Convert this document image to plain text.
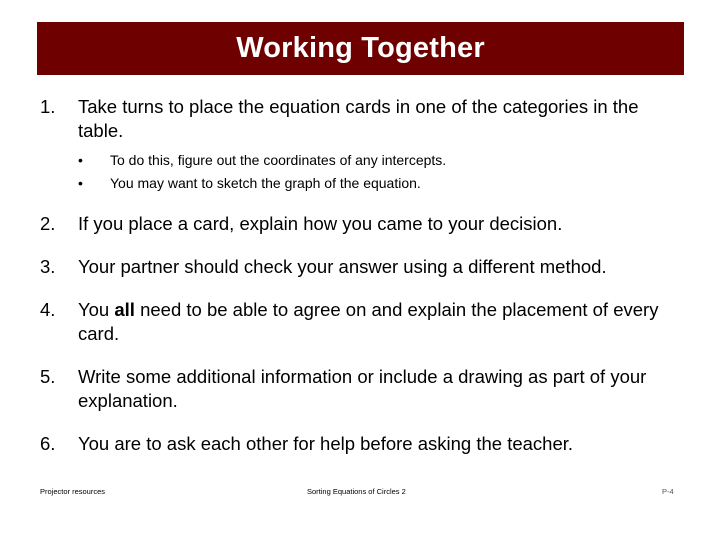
Working Together
1. Take turns to place the equation cards in one of the categories in the table.
• To do this, figure out the coordinates of any intercepts.
• You may want to sketch the graph of the equation.
2. If you place a card, explain how you came to your decision.
3. Your partner should check your answer using a different method.
4. You all need to be able to agree on and explain the placement of every card.
5. Write some additional information or include a drawing as part of your explanation.
6. You are to ask each other for help before asking the teacher.
Projector resources	Sorting Equations of Circles 2	P-4
